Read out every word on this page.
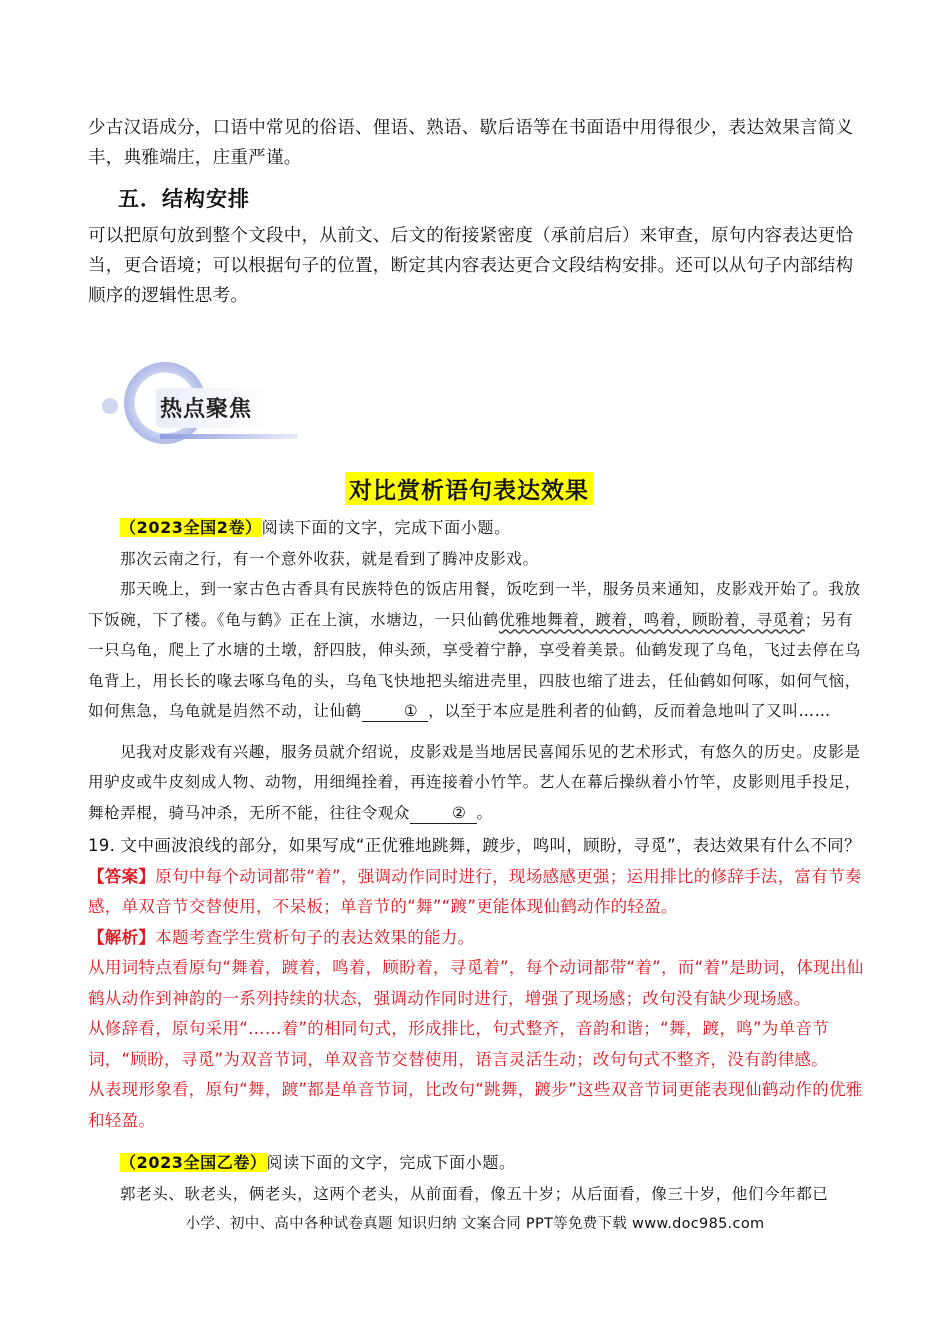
少古汉语成分，口语中常见的俗语、俚语、熟语、歇后语等在书面语中用得很少，表达效果言简义丰，典雅端庄，庄重严谨。
五．结构安排
可以把原句放到整个文段中，从前文、后文的衔接紧密度（承前启后）来审查，原句内容表达更恰当，更合语境；可以根据句子的位置，断定其内容表达更合文段结构安排。还可以从句子内部结构顺序的逻辑性思考。
热点聚焦
对比赏析语句表达效果
（2023全国2卷）阅读下面的文字，完成下面小题。
那次云南之行，有一个意外收获，就是看到了腾冲皮影戏。
那天晚上，到一家古色古香具有民族特色的饭店用餐，饭吃到一半，服务员来通知，皮影戏开始了。我放下饭碗，下了楼。《龟与鹤》正在上演，水塘边，一只仙鹤优雅地舞着，踱着，鸣着，顾盼着，寻觅着；另有一只乌龟，爬上了水塘的土墩，舒四肢，伸头颈，享受着宁静，享受着美景。仙鹤发现了乌龟，飞过去停在乌龟背上，用长长的喙去啄乌龟的头，乌龟飞快地把头缩进壳里，四肢也缩了进去，任仙鹤如何啄，如何气恼，如何焦急，乌龟就是岿然不动，让仙鹤	① ，以至于本应是胜利者的仙鹤，反而着急地叫了又叫……
见我对皮影戏有兴趣，服务员就介绍说，皮影戏是当地居民喜闻乐见的艺术形式，有悠久的历史。皮影是用驴皮或牛皮刻成人物、动物，用细绳拴着，再连接着小竹竿。艺人在幕后操纵着小竹竿，皮影则甩手投足，舞枪弄棍，骑马冲杀，无所不能，往往令观众	② 。
19. 文中画波浪线的部分，如果写成“正优雅地跳舞，踱步，鸣叫，顾盼，寻觅”，表达效果有什么不同？
【答案】原句中每个动词都带“着”，强调动作同时进行，现场感感更强；运用排比的修辞手法，富有节奏感，单双音节交替使用，不呆板；单音节的“舞”“踱”更能体现仙鹤动作的轻盈。
【解析】本题考查学生赏析句子的表达效果的能力。
从用词特点看原句“舞着，踱着，鸣着，顾盼着，寻觅着”，每个动词都带“着”，而“着”是助词，体现出仙鹤从动作到神韵的一系列持续的状态，强调动作同时进行，增强了现场感；改句没有缺少现场感。
从修辞看，原句采用“……着”的相同句式，形成排比，句式整齐，音韵和谐；“舞，踱，鸣”为单音节词，“顾盼，寻觅”为双音节词，单双音节交替使用，语言灵活生动；改句句式不整齐，没有韵律感。
从表现形象看，原句“舞，踱”都是单音节词，比改句“跳舞，踱步”这些双音节词更能表现仙鹤动作的优雅和轻盈。
（2023全国乙卷）阅读下面的文字，完成下面小题。
郭老头、耿老头，俩老头，这两个老头，从前面看，像五十岁；从后面看，像三十岁，他们今年都已
小学、初中、高中各种试卷真题 知识归纳 文案合同 PPT等免费下载 www.doc985.com
